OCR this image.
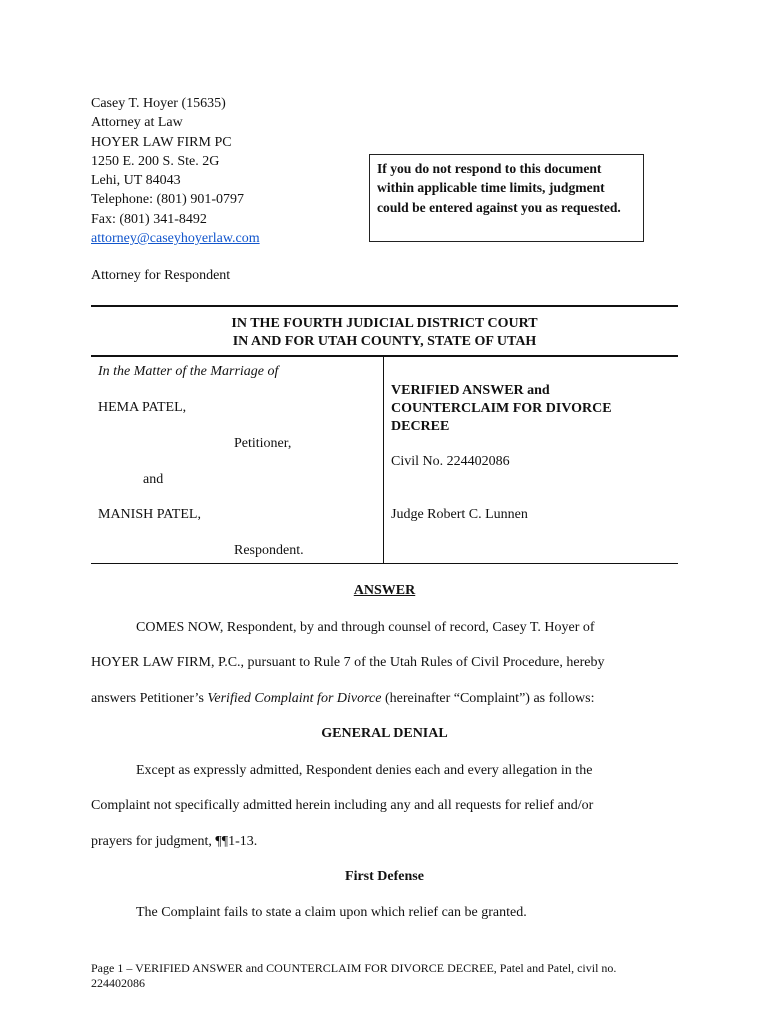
Casey T. Hoyer (15635)
Attorney at Law
HOYER LAW FIRM PC
1250 E. 200 S. Ste. 2G
Lehi, UT 84043
Telephone: (801) 901-0797
Fax: (801) 341-8492
attorney@caseyhoyerlaw.com
Attorney for Respondent
If you do not respond to this document within applicable time limits, judgment could be entered against you as requested.
IN THE FOURTH JUDICIAL DISTRICT COURT
IN AND FOR UTAH COUNTY, STATE OF UTAH
In the Matter of the Marriage of
HEMA PATEL,
Petitioner,
and
MANISH PATEL,
Respondent.
VERIFIED ANSWER and COUNTERCLAIM FOR DIVORCE DECREE
Civil No. 224402086
Judge Robert C. Lunnen
ANSWER
COMES NOW, Respondent, by and through counsel of record, Casey T. Hoyer of
HOYER LAW FIRM, P.C., pursuant to Rule 7 of the Utah Rules of Civil Procedure, hereby
answers Petitioner’s Verified Complaint for Divorce (hereinafter “Complaint”) as follows:
GENERAL DENIAL
Except as expressly admitted, Respondent denies each and every allegation in the
Complaint not specifically admitted herein including any and all requests for relief and/or
prayers for judgment, ¶¶1-13.
First Defense
The Complaint fails to state a claim upon which relief can be granted.
Page 1 – VERIFIED ANSWER and COUNTERCLAIM FOR DIVORCE DECREE, Patel and Patel, civil no.
224402086
